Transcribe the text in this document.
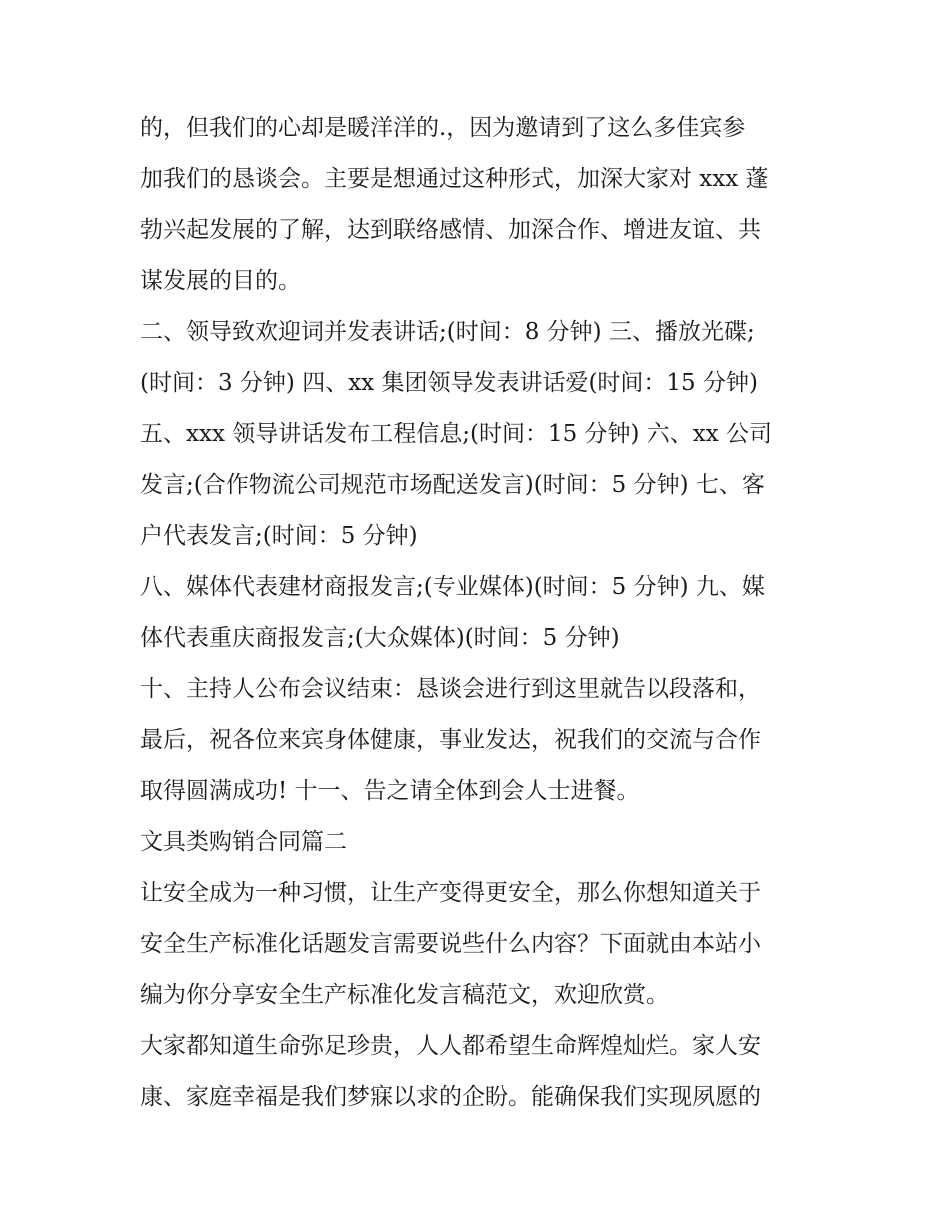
的，但我们的心却是暖洋洋的.，因为邀请到了这么多佳宾参

加我们的恳谈会。主要是想通过这种形式，加深大家对 xxx 蓬

勃兴起发展的了解，达到联络感情、加深合作、增进友谊、共

谋发展的目的。

二、领导致欢迎词并发表讲话;(时间：8 分钟) 三、播放光碟;

(时间：3 分钟) 四、xx 集团领导发表讲话爱(时间：15 分钟)

五、xxx 领导讲话发布工程信息;(时间：15 分钟) 六、xx 公司

发言;(合作物流公司规范市场配送发言)(时间：5 分钟) 七、客

户代表发言;(时间：5 分钟)

八、媒体代表建材商报发言;(专业媒体)(时间：5 分钟) 九、媒

体代表重庆商报发言;(大众媒体)(时间：5 分钟)

十、主持人公布会议结束：恳谈会进行到这里就告以段落和，

最后，祝各位来宾身体健康，事业发达，祝我们的交流与合作

取得圆满成功! 十一、告之请全体到会人士进餐。

文具类购销合同篇二

让安全成为一种习惯，让生产变得更安全，那么你想知道关于

安全生产标准化话题发言需要说些什么内容？下面就由本站小

编为你分享安全生产标准化发言稿范文，欢迎欣赏。

大家都知道生命弥足珍贵，人人都希望生命辉煌灿烂。家人安

康、家庭幸福是我们梦寐以求的企盼。能确保我们实现夙愿的
